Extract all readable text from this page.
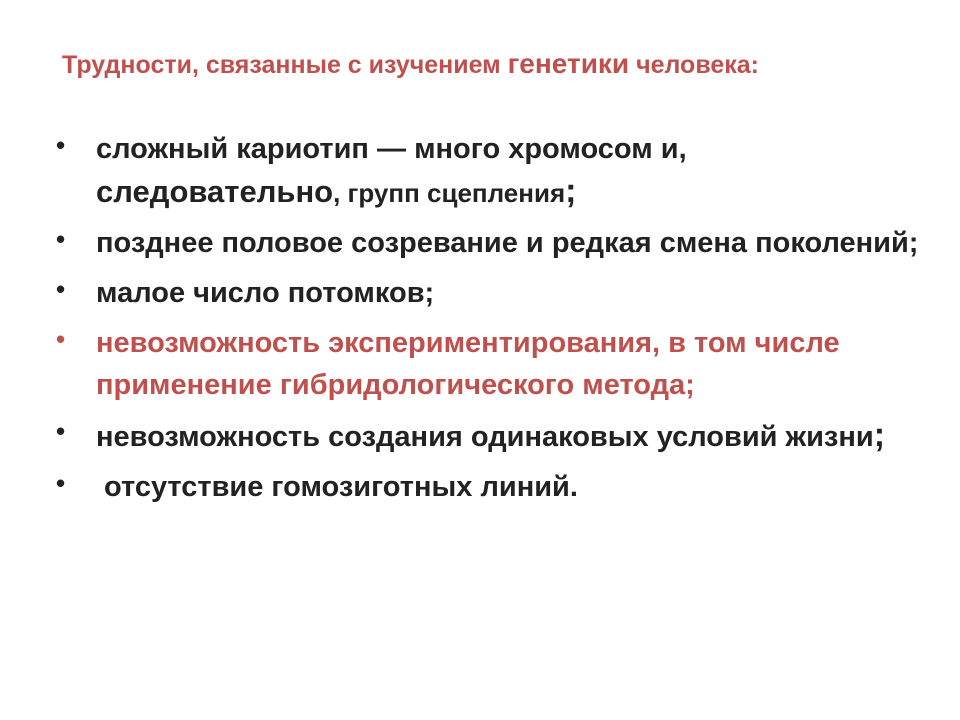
Трудности, связанные с изучением генетики человека:
• сложный кариотип — много хромосом и, следовательно, групп сцепления;
• позднее половое созревание и редкая смена поколений;
• малое число потомков;
• невозможность экспериментирования, в том числе применение гибридологического метода;
• невозможность создания одинаковых условий жизни;
• отсутствие гомозиготных линий.
